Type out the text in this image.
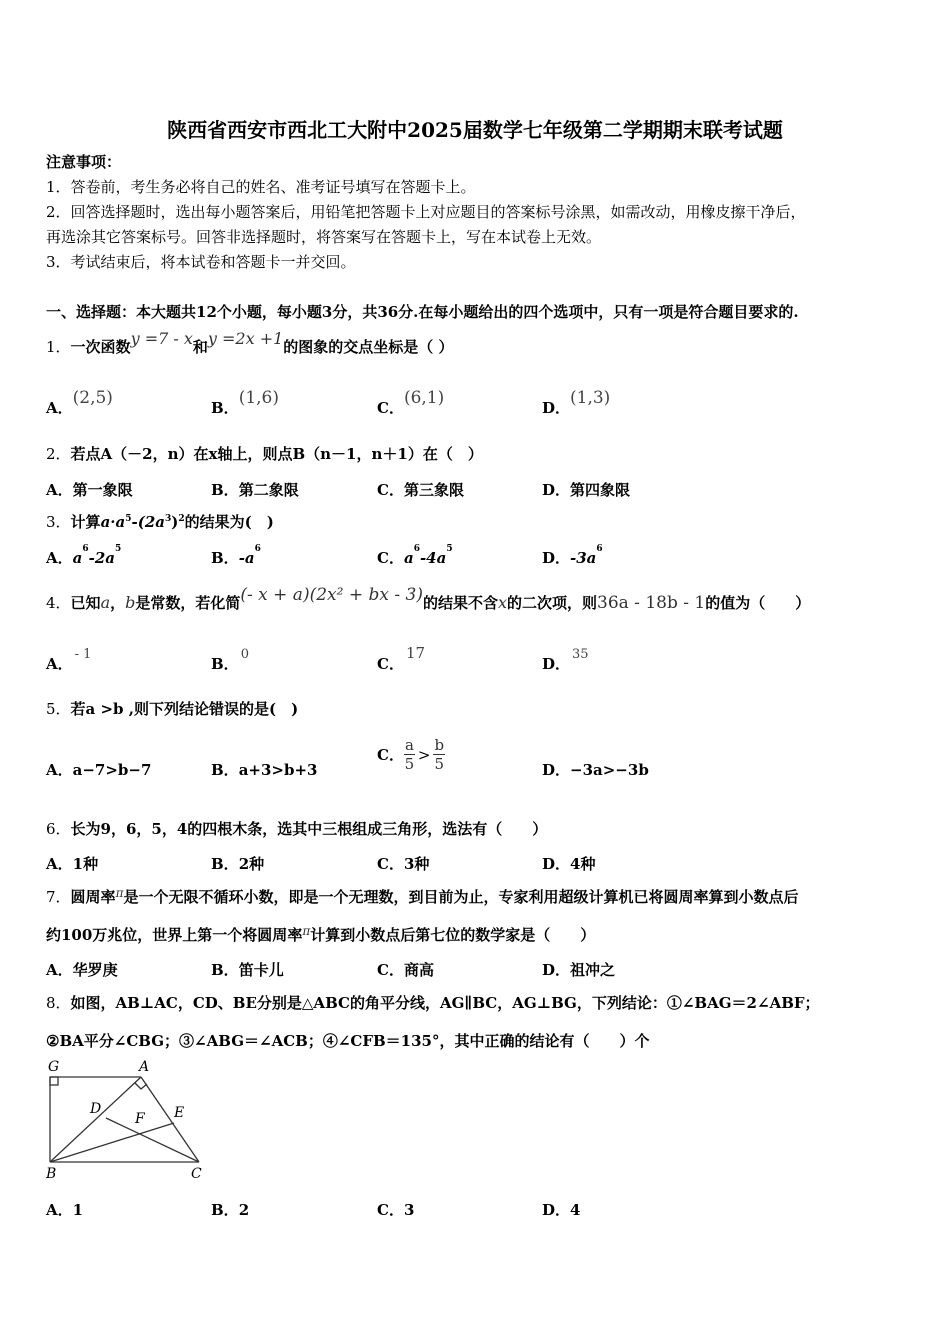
陕西省西安市西北工大附中2025届数学七年级第二学期期末联考试题
注意事项：
1．答卷前，考生务必将自己的姓名、准考证号填写在答题卡上。
2．回答选择题时，选出每小题答案后，用铅笔把答题卡上对应题目的答案标号涂黑，如需改动，用橡皮擦干净后，
再选涂其它答案标号。回答非选择题时，将答案写在答题卡上，写在本试卷上无效。
3．考试结束后，将本试卷和答题卡一并交回。
一、选择题：本大题共12个小题，每小题3分，共36分.在每小题给出的四个选项中，只有一项是符合题目要求的.
1．一次函数y =7 - x和y =2x +1的图象的交点坐标是（ ）
A．(2,5)	B．(1,6)	C．(6,1)	D．(1,3)
2．若点A（－2，n）在x轴上，则点B（n－1，n＋1）在（　）
A．第一象限	B．第二象限	C．第三象限	D．第四象限
3．计算$a\cdot a^5-(2a^3)^2$的结果为(　)
A．$a^6-2a^5$	B．$-a^6$	C．$a^6-4a^5$	D．$-3a^6$
4．已知a，b是常数，若化简(- x + a)(2x² + bx - 3)的结果不含x的二次项，则36a - 18b - 1的值为（　　）
A．- 1
B．0
C．17
D．35
5．若a >b ,则下列结论错误的是(　)
A．a−7>b−7	B．a+3>b+3
C． $\frac{a}{5} > \frac{b}{5}$	D．−3a>−3b
6．长为9，6，5，4的四根木条，选其中三根组成三角形，选法有（　　）
A．1种	B．2种	C．3种	D．4种
7．圆周率$^\pi$是一个无限不循环小数，即是一个无理数，到目前为止，专家利用超级计算机已将圆周率算到小数点后
约100万兆位，世界上第一个将圆周率$^\pi$计算到小数点后第七位的数学家是（　　）
A．华罗庚	B．笛卡儿	C．商高	D．祖冲之
8．如图，AB⊥AC，CD、BE分别是△ABC的角平分线，AG∥BC，AG⊥BG，下列结论：①∠BAG＝2∠ABF；
②BA平分∠CBG；③∠ABG＝∠ACB；④∠CFB＝135°，其中正确的结论有（　　）个
G	A
D
F E
B	C
A．1	B．2	C．3	D．4
